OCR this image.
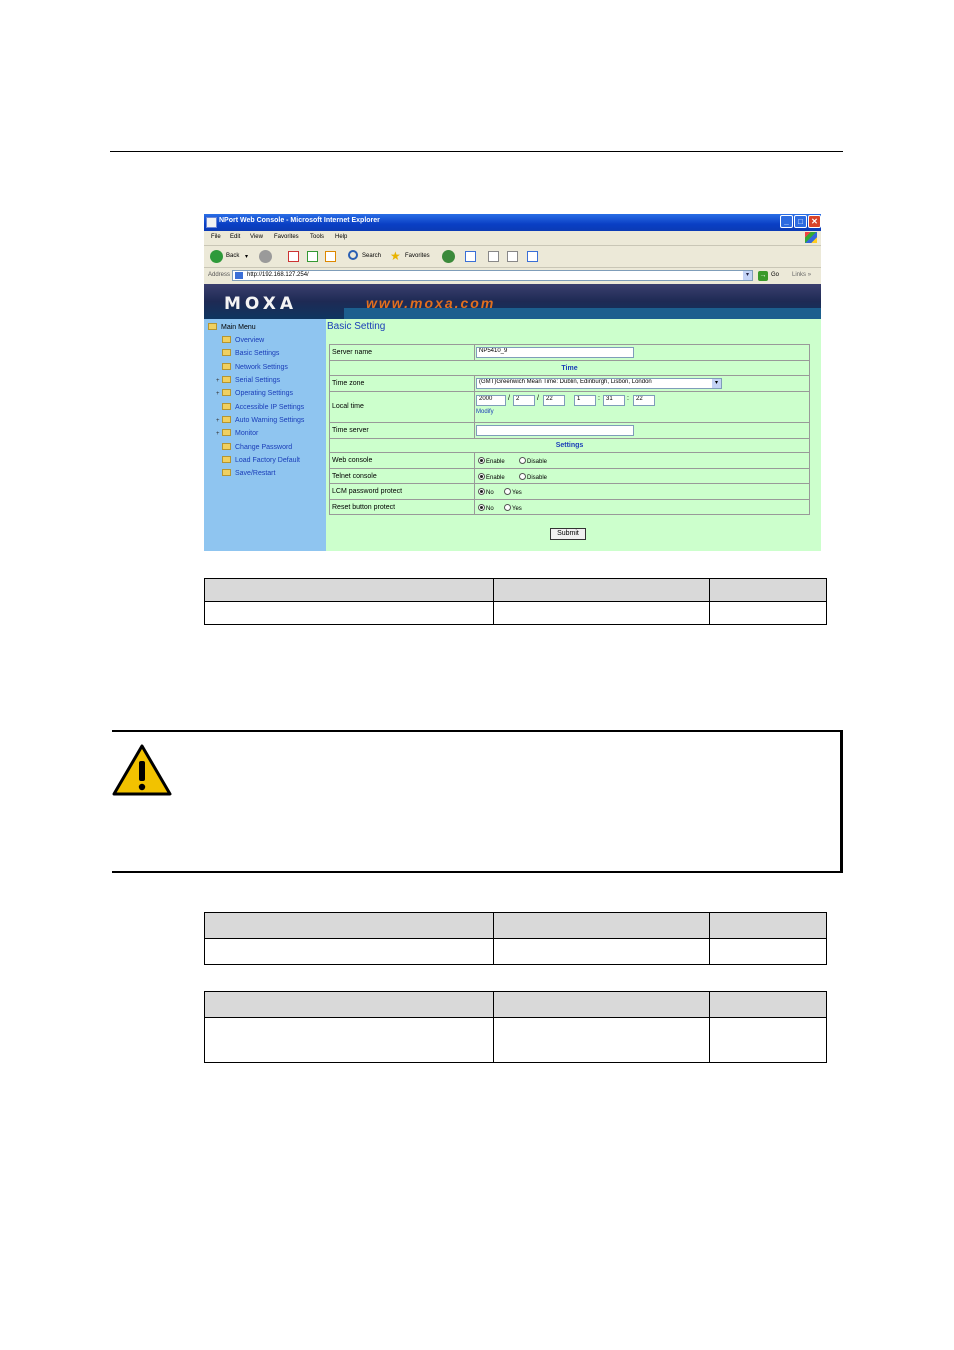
NPort Web Console - Microsoft Internet Explorer	_	□	✕
File Edit View Favorites Tools Help
Back ▾	Search ★ Favorites
Address	http://192.168.127.254/	▾	→ Go Links »
MOXA	www.moxa.com
Main Menu
Overview
Basic Settings
Network Settings
+ Serial Settings
+ Operating Settings
Accessible IP Settings
+ Auto Warning Settings
+ Monitor
Change Password
Load Factory Default
Save/Restart
Basic Setting
Server name	NP5410_9
Time
Time zone	(GMT)Greenwich Mean Time: Dublin, Edinburgh, Lisbon, London	▾
Local time
2000	/	2	/	22	1	:	31	:	22
Modify
Time server
Settings
Web console	Enable	Disable
Telnet console	Enable	Disable
LCM password protect	No	Yes
Reset button protect	No	Yes
Submit
